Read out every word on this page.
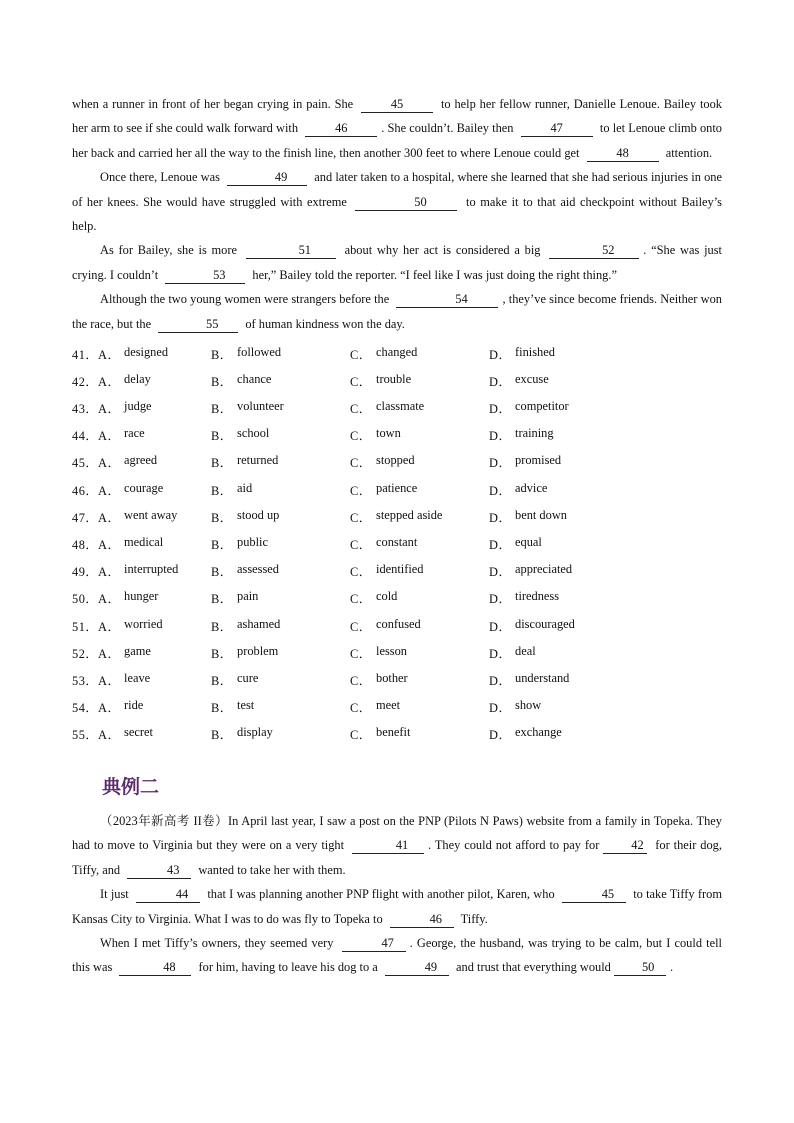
when a runner in front of her began crying in pain. She	45	to help her fellow runner, Danielle Lenoue. Bailey took her arm to see if she could walk forward with	46	. She couldn’t. Bailey then	47	to let Lenoue climb onto her back and carried her all the way to the finish line, then another 300 feet to where Lenoue could get	48	attention.

Once there, Lenoue was	49 and later taken to a hospital, where she learned that she had serious injuries in one of her knees. She would have struggled with extreme	50	to make it to that aid checkpoint without Bailey’s help.

As for Bailey, she is more	51	about why her act is considered a big	52 . “She was just crying. I couldn’t	53 her,” Bailey told the reporter. “I feel like I was just doing the right thing.”

Although the two young women were strangers before the	54	, they’ve since become friends. Neither won the race, but the	55 of human kindness won the day.

41． A． designed	B． followed	C． changed	D． finished
42． A． delay	B． chance	C． trouble	D． excuse
43． A． judge	B． volunteer	C． classmate	D． competitor
44． A． race	B． school	C． town	D． training
45． A． agreed	B． returned	C． stopped	D． promised
46． A． courage	B． aid	C． patience	D． advice
47． A． went away	B． stood up	C． stepped aside	D． bent down
48． A． medical	B． public	C． constant	D． equal
49． A． interrupted	B． assessed	C． identified	D． appreciated
50． A． hunger	B． pain	C． cold	D． tiredness
51． A． worried	B． ashamed	C． confused	D． discouraged
52． A． game	B． problem	C． lesson	D． deal
53． A． leave	B． cure	C． bother	D． understand
54． A． ride	B． test	C． meet	D． show
55． A． secret	B． display	C． benefit	D． exchange
典例二

（2023年新高考 II卷）In April last year, I saw a post on the PNP (Pilots N Paws) website from a family in Topeka. They had to move to Virginia but they were on a very tight	41 . They could not afford to pay for	42 for their dog, Tiffy, and	43 wanted to take her with them.

It just	44 that I was planning another PNP flight with another pilot, Karen, who	45 to take Tiffy from Kansas City to Virginia. What I was to do was fly to Topeka to	46 Tiffy.

When I met Tiffy’s owners, they seemed very	47 . George, the husband, was trying to be calm, but I could tell this was	48 for him, having to leave his dog to a	49 and trust that everything would	50 .
